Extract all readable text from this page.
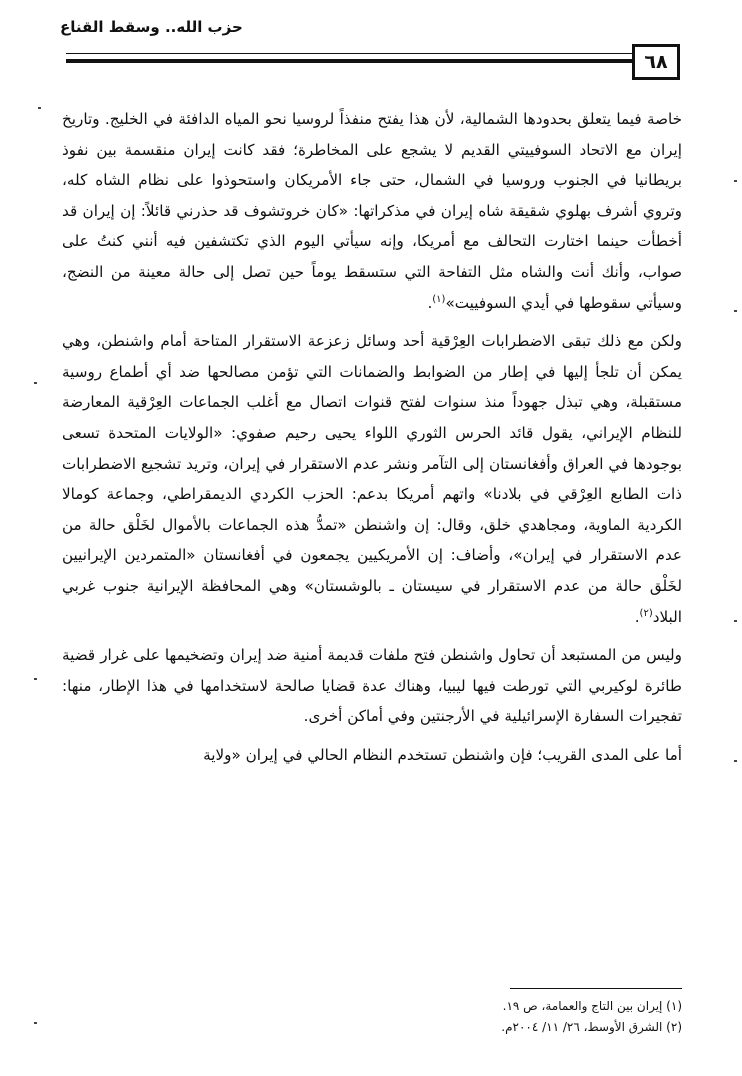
حزب الله.. وسقط القناع
٦٨

خاصة فيما يتعلق بحدودها الشمالية، لأن هذا يفتح منفذاً لروسيا نحو المياه الدافئة في الخليج. وتاريخ إيران مع الاتحاد السوفييتي القديم لا يشجع على المخاطرة؛ فقد كانت إيران منقسمة بين نفوذ بريطانيا في الجنوب وروسيا في الشمال، حتى جاء الأمريكان واستحوذوا على نظام الشاه كله، وتروي أشرف بهلوي شقيقة شاه إيران في مذكراتها: «كان خروتشوف قد حذرني قائلاً: إن إيران قد أخطأت حينما اختارت التحالف مع أمريكا، وإنه سيأتي اليوم الذي تكتشفين فيه أنني كنتُ على صواب، وأنك أنت والشاه مثل التفاحة التي ستسقط يوماً حين تصل إلى حالة معينة من النضج، وسيأتي سقوطها في أيدي السوفييت»$^{(١)}$.

ولكن مع ذلك تبقى الاضطرابات العِرْقية أحد وسائل زعزعة الاستقرار المتاحة أمام واشنطن، وهي يمكن أن تلجأ إليها في إطار من الضوابط والضمانات التي تؤمن مصالحها ضد أي أطماع روسية مستقبلة، وهي تبذل جهوداً منذ سنوات لفتح قنوات اتصال مع أغلب الجماعات العِرْقية المعارضة للنظام الإيراني، يقول قائد الحرس الثوري اللواء يحيى رحيم صفوي: «الولايات المتحدة تسعى بوجودها في العراق وأفغانستان إلى التآمر ونشر عدم الاستقرار في إيران، وتريد تشجيع الاضطرابات ذات الطابع العِرْقي في بلادنا» واتهم أمريكا بدعم: الحزب الكردي الديمقراطي، وجماعة كومالا الكردية الماوية، ومجاهدي خلق، وقال: إن واشنطن «تمدُّ هذه الجماعات بالأموال لخَلْق حالة من عدم الاستقرار في إيران»، وأضاف: إن الأمريكيين يجمعون في أفغانستان «المتمردين الإيرانيين لخَلْق حالة من عدم الاستقرار في سيستان ـ بالوشستان» وهي المحافظة الإيرانية جنوب غربي البلاد$^{(٢)}$.

وليس من المستبعد أن تحاول واشنطن فتح ملفات قديمة أمنية ضد إيران وتضخيمها على غرار قضية طائرة لوكيربي التي تورطت فيها ليبيا، وهناك عدة قضايا صالحة لاستخدامها في هذا الإطار، منها: تفجيرات السفارة الإسرائيلية في الأرجنتين وفي أماكن أخرى.

أما على المدى القريب؛ فإن واشنطن تستخدم النظام الحالي في إيران «ولاية

(١) إيران بين التاج والعمامة، ص ١٩.
(٢) الشرق الأوسط، ٢٦/ ١١/ ٢٠٠٤م.
